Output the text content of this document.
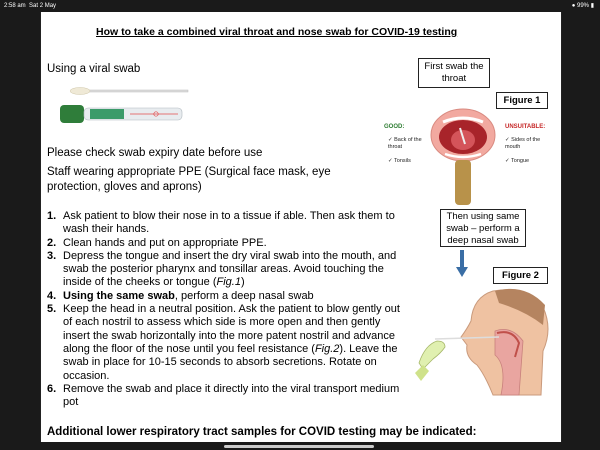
2:58 am Sat 2 May	● 99% ▮
How to take a combined viral throat and nose swab for COVID-19 testing
Using a viral swab
Please check swab expiry date before use
Staff wearing appropriate PPE (Surgical face mask, eye protection, gloves and aprons)
1. Ask patient to blow their nose in to a tissue if able. Then ask them to wash their hands.
2. Clean hands and put on appropriate PPE.
3. Depress the tongue and insert the dry viral swab into the mouth, and swab the posterior pharynx and tonsillar areas. Avoid touching the inside of the cheeks or tongue (Fig.1)
4. Using the same swab, perform a deep nasal swab
5. Keep the head in a neutral position. Ask the patient to blow gently out of each nostril to assess which side is more open and then gently insert the swab horizontally into the more patent nostril and advance along the floor of the nose until you feel resistance (Fig.2). Leave the swab in place for 10-15 seconds to absorb secretions. Rotate on occasion.
6. Remove the swab and place it directly into the viral transport medium pot
Additional lower respiratory tract samples for COVID testing may be indicated:
First swab the throat
Figure 1
GOOD:
✓ Back of the throat
✓ Tonsils
UNSUITABLE:
✓ Sides of the mouth
✓ Tongue
Then using same swab – perform a deep nasal swab
Figure 2
